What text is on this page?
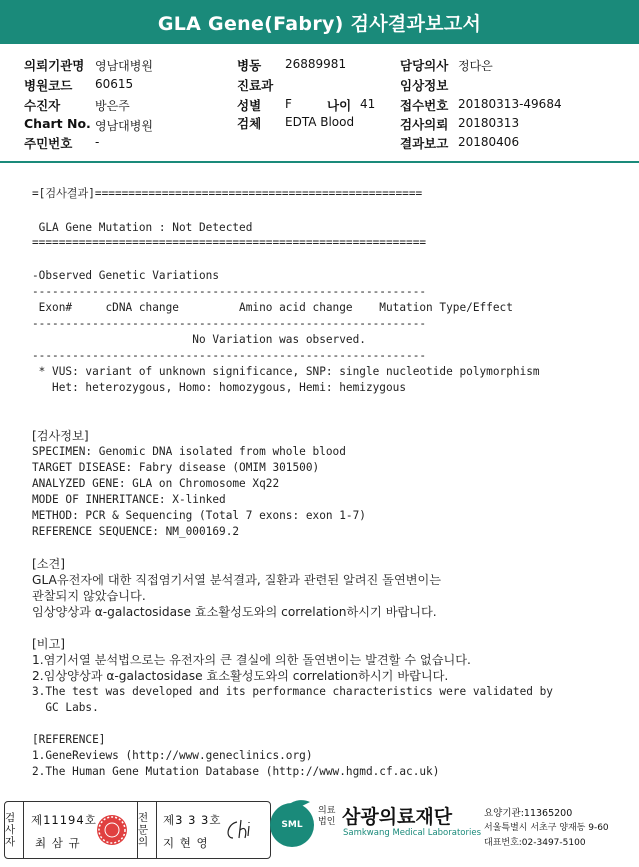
GLA Gene(Fabry) 검사결과보고서
의뢰기관명 영남대병원
병원코드 60615
수진자	방은주
Chart No. 영남대병원
주민번호 -
병동 26889981
진료과
성별 F	나이 41
검체 EDTA Blood
담당의사 정다은
임상정보
접수번호 20180313-49684
검사의뢰 20180313
결과보고 20180406

=[검사결과]=================================================

GLA Gene Mutation : Not Detected

===========================================================

-Observed Genetic Variations

-----------------------------------------------------------

Exon#     cDNA change         Amino acid change    Mutation Type/Effect

-----------------------------------------------------------

No Variation was observed.

-----------------------------------------------------------

* VUS: variant of unknown significance, SNP: single nucleotide polymorphism

Het: heterozygous, Homo: homozygous, Hemi: hemizygous

[검사정보]

SPECIMEN: Genomic DNA isolated from whole blood

TARGET DISEASE: Fabry disease (OMIM 301500)

ANALYZED GENE: GLA on Chromosome Xq22

MODE OF INHERITANCE: X-linked

METHOD: PCR & Sequencing (Total 7 exons: exon 1-7)

REFERENCE SEQUENCE: NM_000169.2

[소견]

GLA유전자에 대한 직접염기서열 분석결과, 질환과 관련된 알려진 돌연변이는

관찰되지 않았습니다.

임상양상과 α-galactosidase 효소활성도와의 correlation하시기 바랍니다.

[비고]

1.염기서열 분석법으로는 유전자의 큰 결실에 의한 돌연변이는 발견할 수 없습니다.

2.임상양상과 α-galactosidase 효소활성도와의 correlation하시기 바랍니다.

3.The test was developed and its performance characteristics were validated by

GC Labs.

[REFERENCE]

1.GeneReviews (http://www.geneclinics.org)

2.The Human Gene Mutation Database (http://www.hgmd.cf.ac.uk)

검사자
제11194호
최 삼 규
전문의
제3 3 3호
지 현 영
SML
의료법인 삼광의료재단
Samkwang Medical Laboratories
요양기관:11365200
서울특별시 서초구 양재동 9-60
대표번호:02-3497-5100
